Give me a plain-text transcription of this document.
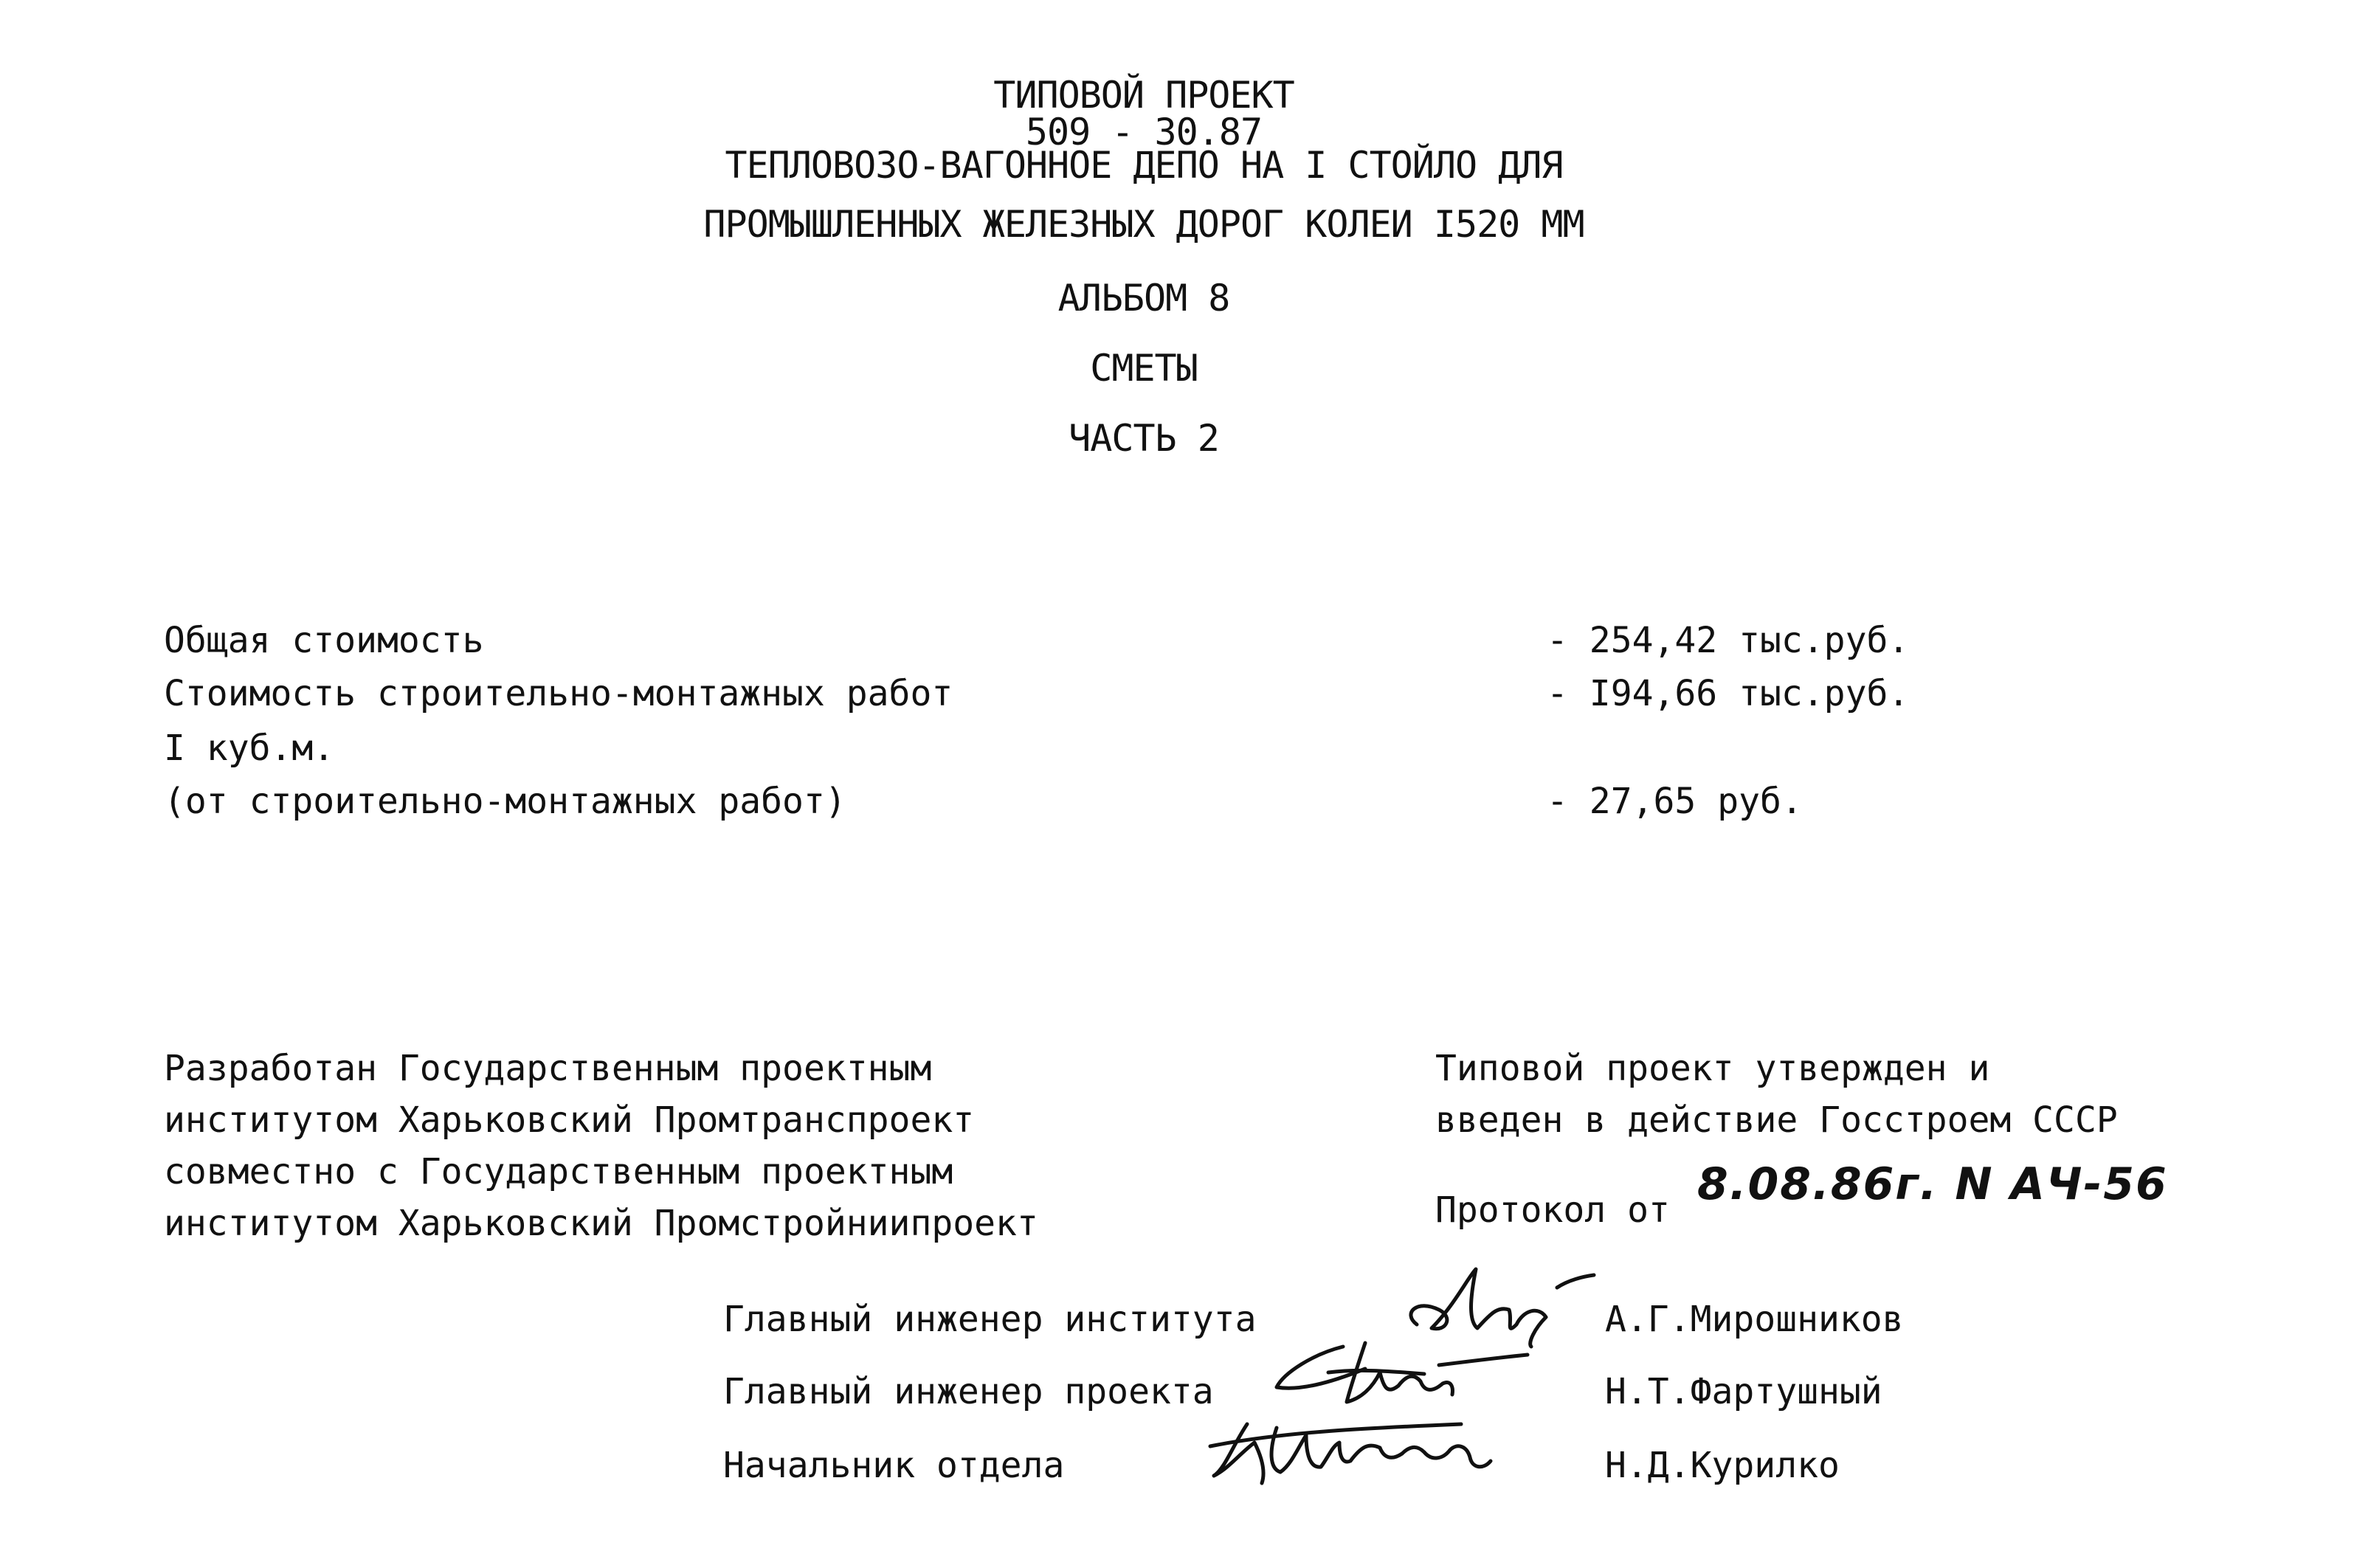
ТИПОВОЙ ПРОЕКТ
509 - 30.87
ТЕПЛОВОЗО-ВАГОННОЕ ДЕПО НА I СТОЙЛО ДЛЯ
ПРОМЫШЛЕННЫХ ЖЕЛЕЗНЫХ ДОРОГ КОЛЕИ I520 ММ
АЛЬБОМ 8
СМЕТЫ
ЧАСТЬ 2
Общая стоимость	- 254,42 тыс.руб.
Стоимость строительно-монтажных работ	- I94,66 тыс.руб.
I куб.м.
(от строительно-монтажных работ)	- 27,65 руб.
Разработан Государственным проектным
институтом Харьковский Промтранспроект
совместно с Государственным проектным
институтом Харьковский Промстройниипроект
Типовой проект утвержден и
введен в действие Госстроем СССР
Протокол от 8.08.86г. N АЧ-56
Главный инженер института	А.Г.Мирошников
Главный инженер проекта	Н.Т.Фартушный
Начальник отдела	Н.Д.Курилко
